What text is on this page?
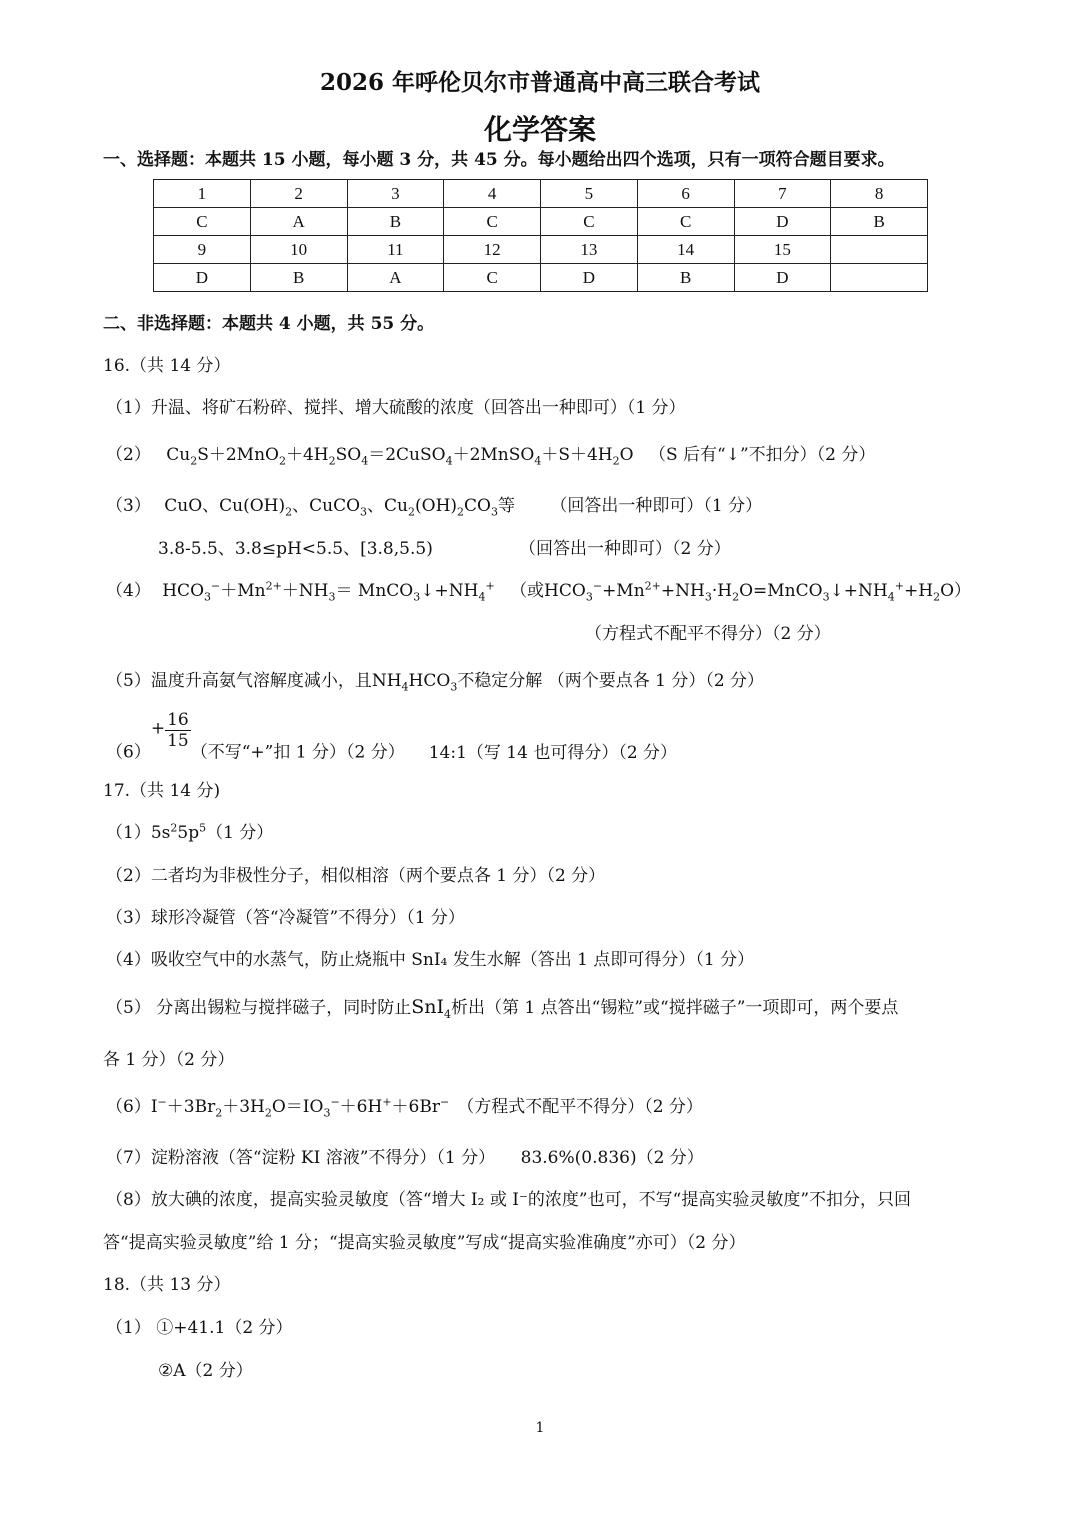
2026 年呼伦贝尔市普通高中高三联合考试
化学答案
一、选择题：本题共 15 小题，每小题 3 分，共 45 分。每小题给出四个选项，只有一项符合题目要求。
1	2	3	4	5	6	7	8
C	A	B	C	C	C	D	B
9	10	11	12	13	14	15	
D	B	A	C	D	B	D	
二、非选择题：本题共 4 小题，共 55 分。
16.（共 14 分）
（1）升温、将矿石粉碎、搅拌、增大硫酸的浓度（回答出一种即可）（1 分）
（2） $Cu_2S+2MnO_2+4H_2SO_4=2CuSO_4+2MnSO_4+S+4H_2O$ （S 后有“↓”不扣分）（2 分）
（3） CuO、$Cu(OH)_2$、CuCO$_3$、$Cu_2(OH)_2CO_3$等 （回答出一种即可）（1 分）
3.8-5.5、3.8≤pH<5.5、[3.8,5.5)	（回答出一种即可）（2 分）
（4） $HCO_3^-+Mn^{2+}+NH_3=$ $MnCO_3↓+NH_4^+$ （或$HCO_3^-+Mn^{2+}+NH_3\cdot H_2O=MnCO_3↓+NH_4^++H_2O$）
（方程式不配平不得分）（2 分）
（5）温度升高氨气溶解度减小，且$NH_4HCO_3$不稳定分解 （两个要点各 1 分）（2 分）
$(6)+ \frac{16}{15}$
（不写“+”扣 1 分）（2 分） 14:1（写 14 也可得分）（2 分）
17.（共 14 分)
$(1)5s^25p^5(1$ 分）
（2）二者均为非极性分子，相似相溶（两个要点各 1 分）（2 分）
（3）球形冷凝管（答“冷凝管”不得分）（1 分）
（4）吸收空气中的水蒸气，防止烧瓶中 SnI₄ 发生水解（答出 1 点即可得分）（1 分）
（5） 分离出锡粒与搅拌磁子，同时防止SnI$_4$析出（第 1 点答出“锡粒”或“搅拌磁子”一项即可，两个要点
各 1 分）（2 分）
$(6)I^-+3Br_2+3H_2O=IO_3^-+6H^++6Br^-$ （方程式不配平不得分）（2 分）
（7）淀粉溶液（答“淀粉 KI 溶液”不得分）（1 分）　　83.6%(0.836)（2 分）
（8）放大碘的浓度，提高实验灵敏度（答“增大 I₂ 或 I⁻的浓度”也可，不写“提高实验灵敏度”不扣分，只回
答“提高实验灵敏度”给 1 分；“提高实验灵敏度”写成“提高实验准确度”亦可）（2 分）
18.（共 13 分）
（1） ①+41.1（2 分）
②A（2 分）
1
